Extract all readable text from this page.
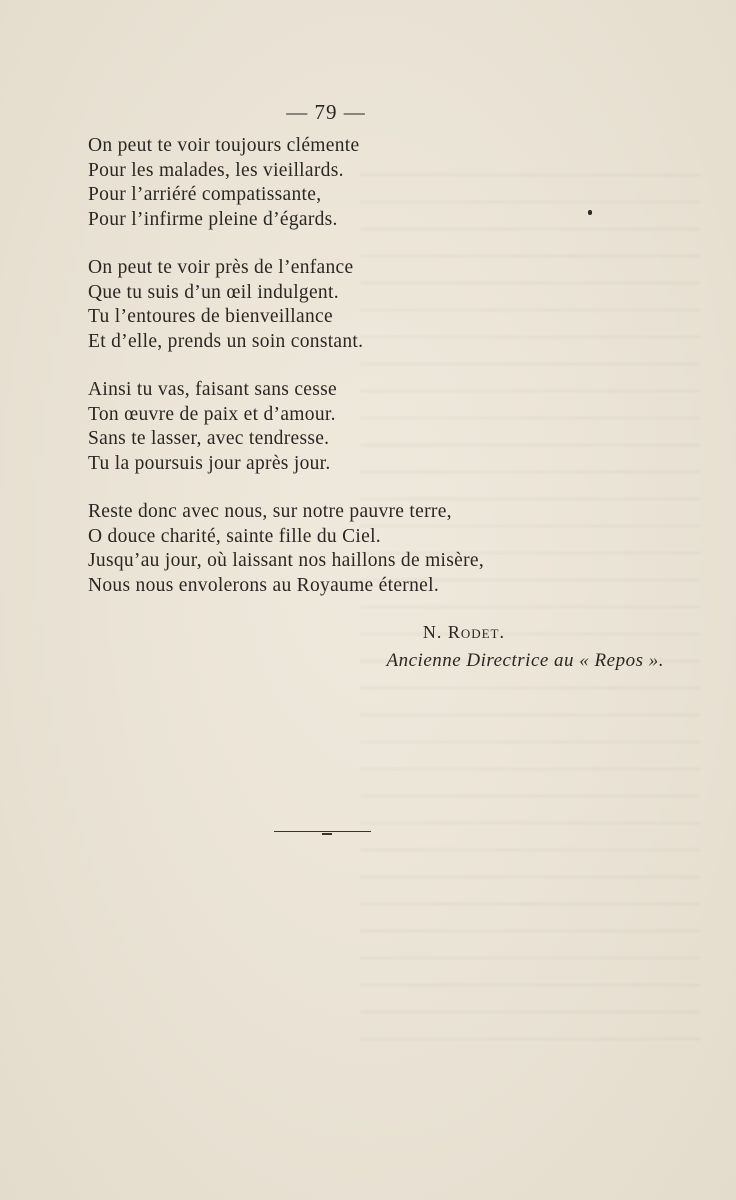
— 79 —
On peut te voir toujours clémente
Pour les malades, les vieillards.
Pour l’arriéré compatissante,
Pour l’infirme pleine d’égards.
On peut te voir près de l’enfance
Que tu suis d’un œil indulgent.
Tu l’entoures de bienveillance
Et d’elle, prends un soin constant.
Ainsi tu vas, faisant sans cesse
Ton œuvre de paix et d’amour.
Sans te lasser, avec tendresse.
Tu la poursuis jour après jour.
Reste donc avec nous, sur notre pauvre terre,
O douce charité, sainte fille du Ciel.
Jusqu’au jour, où laissant nos haillons de misère,
Nous nous envolerons au Royaume éternel.
N. Rodet.
Ancienne Directrice au « Repos ».
